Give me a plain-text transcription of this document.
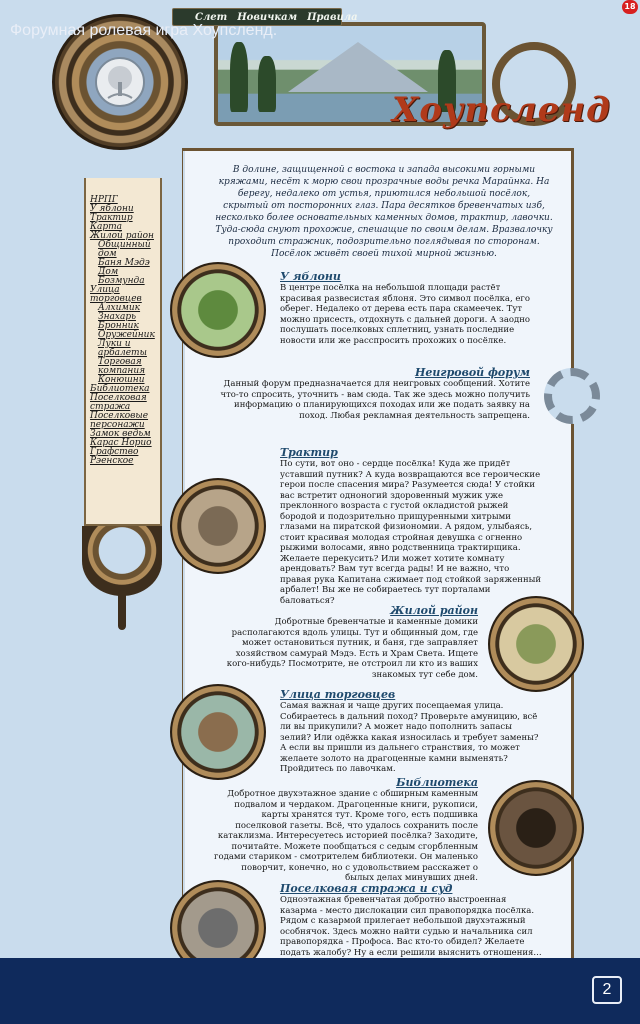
18
Слет Новичкам Правила
Хоупсленд
НРПГ
У яблони
Трактир
Карта
Жилой район
Общинный дом
Баня Мэдэ
Дом Бозмунда
Улица торговцев
Алхимик
Знахарь
Бронник
Оружейник
Луки и арбалеты
Торговая компания
Конюшни
Библиотека
Поселковая стража
Поселковые персонажи
Замок ведьм
Карас Норио
Графство Рэенское

В долине, защищенной с востока и запада высокими горными кряжами, несёт к морю свои прозрачные воды речка Марайнка. На берегу, недалеко от устья, приютился небольшой посёлок, скрытый от посторонних глаз. Пара десятков бревенчатых изб, несколько более основательных каменных домов, трактир, лавочки. Туда-сюда снуют прохожие, спешащие по своим делам. Вразвалочку проходит стражник, подозрительно поглядывая по сторонам. Посёлок живёт своей тихой мирной жизнью.

У яблони
В центре посёлка на небольшой площади растёт красивая развесистая яблоня. Это символ посёлка, его оберег. Недалеко от дерева есть пара скамеечек. Тут можно присесть, отдохнуть с дальней дороги. А заодно послушать поселковых сплетниц, узнать последние новости или же расспросить прохожих о посёлке.
Неигровой форум
Данный форум предназначается для неигровых сообщений. Хотите что-то спросить, уточнить - вам сюда. Так же здесь можно получить информацию о планирующихся походах или же подать заявку на поход. Любая рекламная деятельность запрещена.
Трактир
По сути, вот оно - сердце посёлка! Куда же придёт уставший путник? А куда возвращаются все героические герои после спасения мира? Разумеется сюда! У стойки вас встретит одноногий здоровенный мужик уже преклонного возраста с густой окладистой рыжей бородой и подозрительно прищуренными хитрыми глазами на пиратской физиономии. А рядом, улыбаясь, стоит красивая молодая стройная девушка с огненно рыжими волосами, явно родственница трактирщика. Желаете перекусить? Или может хотите комнату арендовать? Вам тут всегда рады! И не важно, что правая рука Капитана сжимает под стойкой заряженный арбалет! Вы же не собираетесь тут порталами баловаться?
Жилой район
Добротные бревенчатые и каменные домики располагаются вдоль улицы. Тут и общинный дом, где может остановиться путник, и баня, где заправляет хозяйством самурай Мэдэ. Есть и Храм Света. Ищете кого-нибудь? Посмотрите, не отстроил ли кто из ваших знакомых тут себе дом.
Улица торговцев
Самая важная и чаще других посещаемая улица. Собираетесь в дальний поход? Проверьте амуницию, всё ли вы прикупили? А может надо пополнить запасы зелий? Или одёжка какая износилась и требует замены? А если вы пришли из дальнего странствия, то может желаете золото на драгоценные камни выменять? Пройдитесь по лавочкам.
Библиотека
Добротное двухэтажное здание с обширным каменным подвалом и чердаком. Драгоценные книги, рукописи, карты хранятся тут. Кроме того, есть подшивка поселковой газеты. Всё, что удалось сохранить после катаклизма. Интересуетесь историей посёлка? Заходите, почитайте. Можете пообщаться с седым сгорбленным годами стариком - смотрителем библиотеки. Он маленько поворчит, конечно, но с удовольствием расскажет о былых делах минувших дней.
Поселковая стража и суд
Одноэтажная бревенчатая добротно выстроенная казарма - место дислокации сил правопорядка посёлка. Рядом с казармой прилегает небольшой двухэтажный особнячок. Здесь можно найти судью и начальника сил правопорядка - Профоса. Вас кто-то обидел? Желаете подать жалобу? Ну а если решили выяснить отношения...
Форумная ролевая игра Хоупсленд.
2
